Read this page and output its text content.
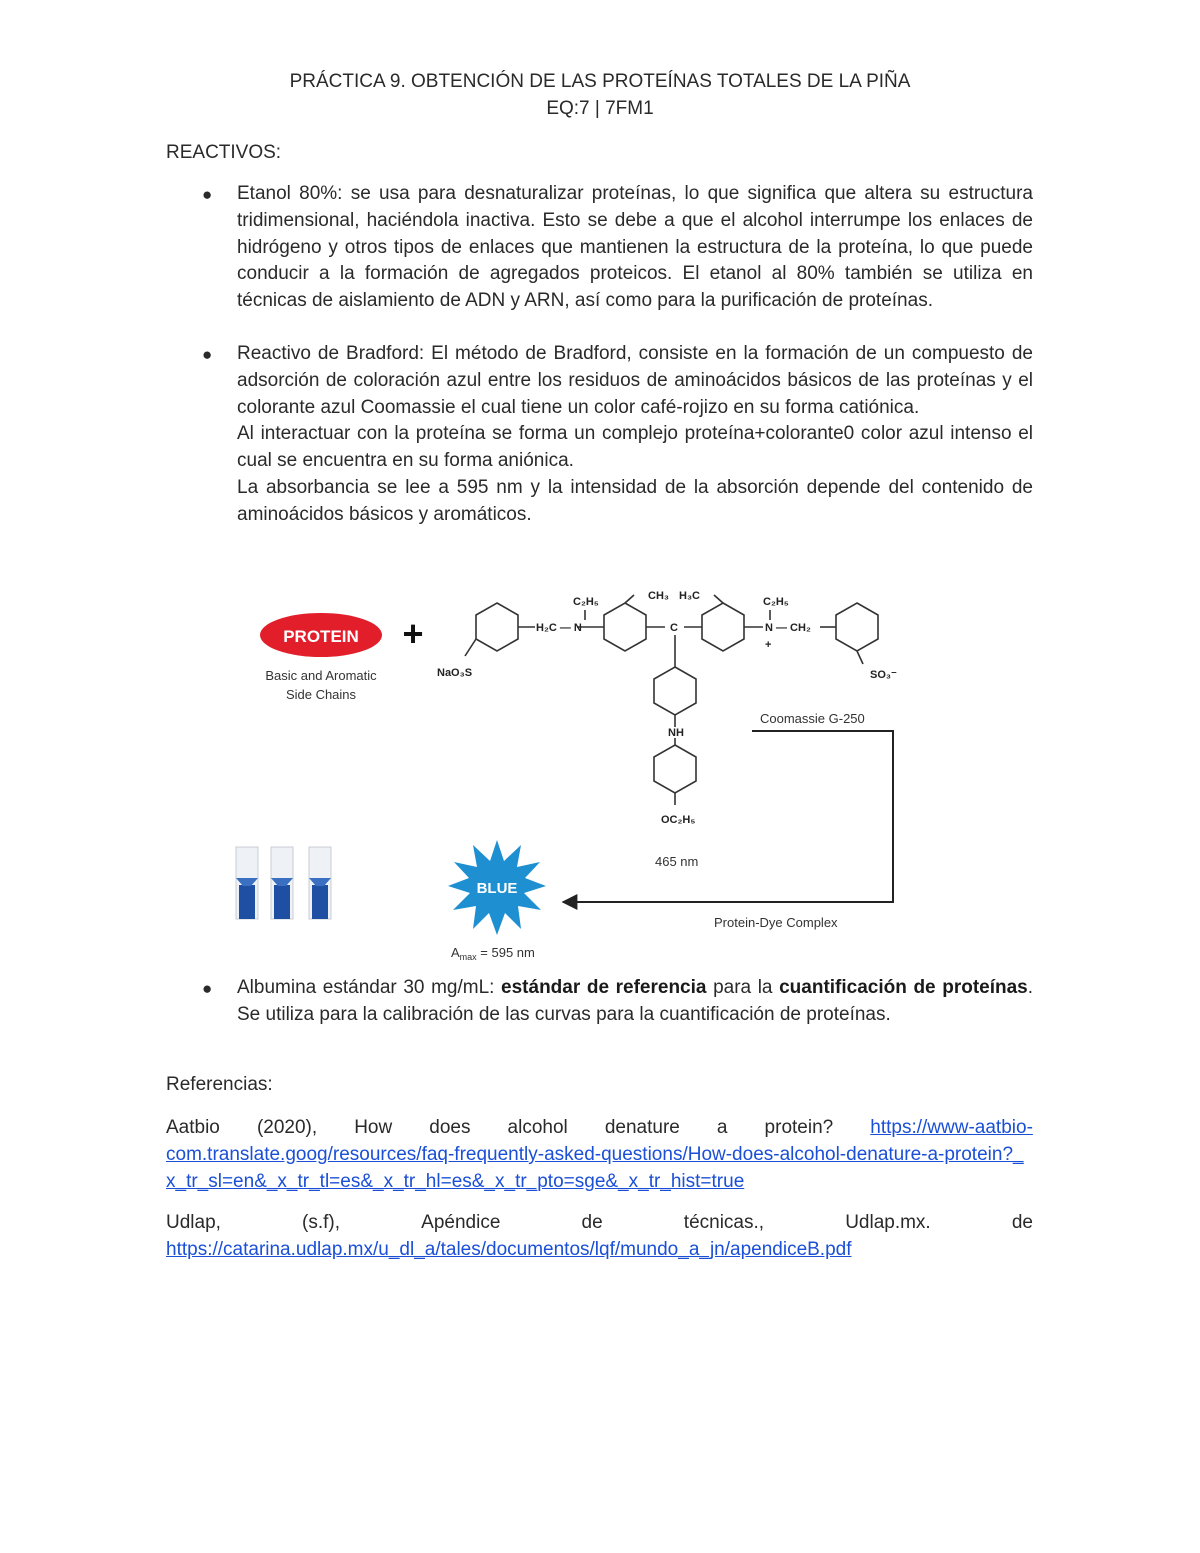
PRÁCTICA 9. OBTENCIÓN DE LAS PROTEÍNAS TOTALES DE LA PIÑA
EQ:7 | 7FM1
REACTIVOS:
● Etanol 80%: se usa para desnaturalizar proteínas, lo que significa que altera su estructura tridimensional, haciéndola inactiva. Esto se debe a que el alcohol interrumpe los enlaces de hidrógeno y otros tipos de enlaces que mantienen la estructura de la proteína, lo que puede conducir a la formación de agregados proteicos. El etanol al 80% también se utiliza en técnicas de aislamiento de ADN y ARN, así como para la purificación de proteínas.

● Reactivo de Bradford: El método de Bradford, consiste en la formación de un compuesto de adsorción de coloración azul entre los residuos de aminoácidos básicos de las proteínas y el colorante azul Coomassie el cual tiene un color café-rojizo en su forma catiónica.

Al interactuar con la proteína se forma un complejo proteína+colorante0 color azul intenso el cual se encuentra en su forma aniónica.

La absorbancia se lee a 595 nm y la intensidad de la absorción depende del contenido de aminoácidos básicos y aromáticos.

PROTEIN +
Basic and Aromatic
Side Chains
C₂H₅	CH₃ H₃C	C₂H₅
H₂C — N	C	N — CH₂
+
NaO₃S	SO₃⁻
NH
OC₂H₅
Coomassie G-250
465 nm
Protein-Dye Complex
BLUE
$A_{max} = 595$ nm
● Albumina estándar 30 mg/mL: estándar de referencia para la cuantificación de proteínas. Se utiliza para la calibración de las curvas para la cuantificación de proteínas.

Referencias:
Aatbio (2020), How does alcohol denature a protein? https://www-aatbio-
com.translate.goog/resources/faq-frequently-asked-questions/How-does-alcohol-denature-a-protein?_x_tr_sl=en&_x_tr_tl=es&_x_tr_hl=es&_x_tr_pto=sge&_x_tr_hist=true
Udlap,	(s.f),	Apéndice	de	técnicas.,	Udlap.mx.	de
https://catarina.udlap.mx/u_dl_a/tales/documentos/lqf/mundo_a_jn/apendiceB.pdf
